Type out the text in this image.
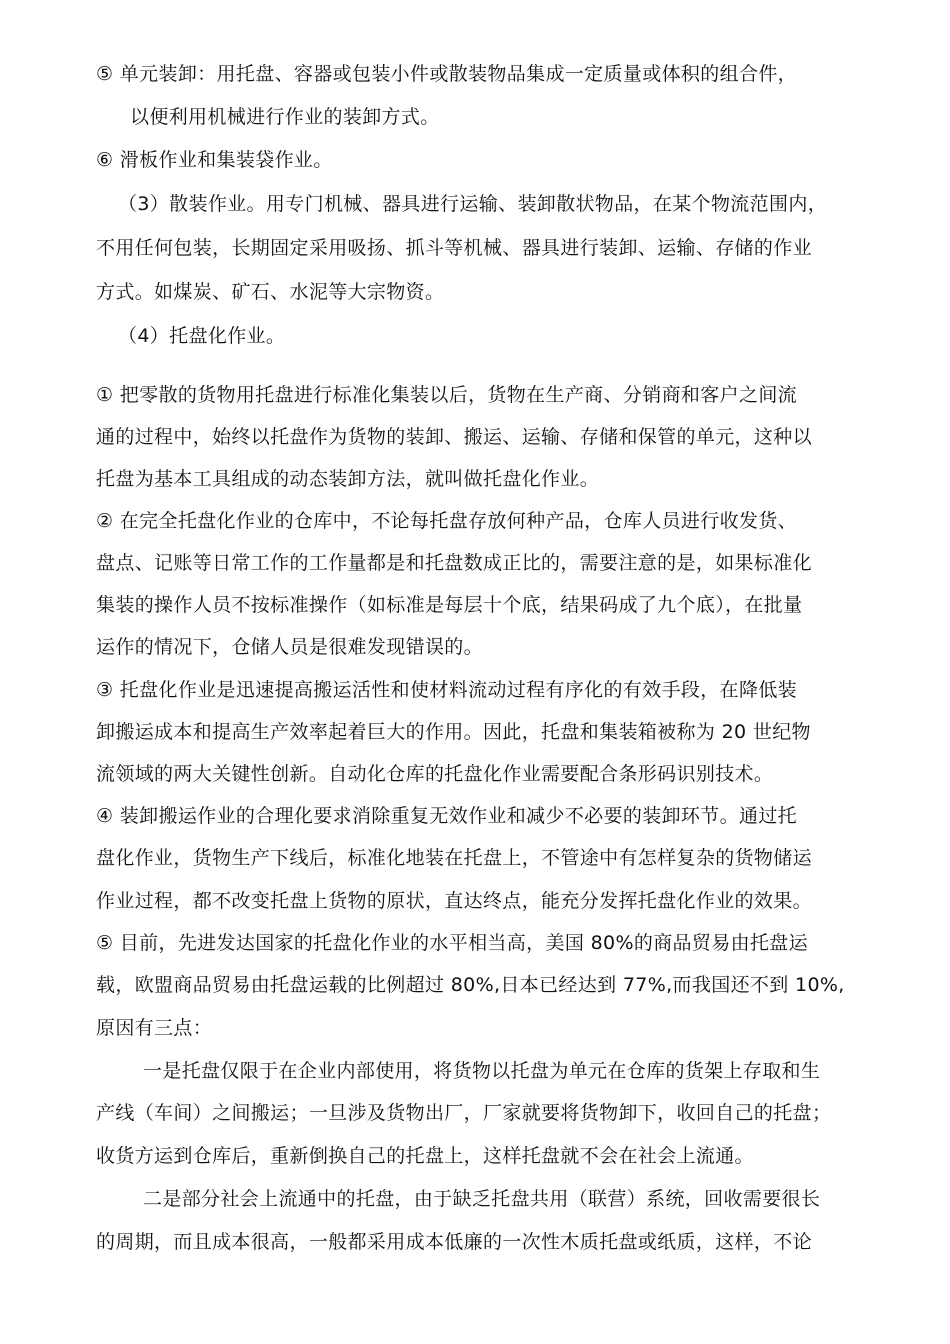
⑤ 单元装卸：用托盘、容器或包装小件或散装物品集成一定质量或体积的组合件，
以便利用机械进行作业的装卸方式。
⑥ 滑板作业和集装袋作业。
（3）散装作业。用专门机械、器具进行运输、装卸散状物品，在某个物流范围内，
不用任何包装，长期固定采用吸扬、抓斗等机械、器具进行装卸、运输、存储的作业
方式。如煤炭、矿石、水泥等大宗物资。
（4）托盘化作业。
① 把零散的货物用托盘进行标准化集装以后，货物在生产商、分销商和客户之间流
通的过程中，始终以托盘作为货物的装卸、搬运、运输、存储和保管的单元，这种以
托盘为基本工具组成的动态装卸方法，就叫做托盘化作业。
② 在完全托盘化作业的仓库中，不论每托盘存放何种产品，仓库人员进行收发货、
盘点、记账等日常工作的工作量都是和托盘数成正比的，需要注意的是，如果标准化
集装的操作人员不按标准操作（如标准是每层十个底，结果码成了九个底），在批量
运作的情况下，仓储人员是很难发现错误的。
③ 托盘化作业是迅速提高搬运活性和使材料流动过程有序化的有效手段，在降低装
卸搬运成本和提高生产效率起着巨大的作用。因此，托盘和集装箱被称为 20 世纪物
流领域的两大关键性创新。自动化仓库的托盘化作业需要配合条形码识别技术。
④ 装卸搬运作业的合理化要求消除重复无效作业和减少不必要的装卸环节。通过托
盘化作业，货物生产下线后，标准化地装在托盘上，不管途中有怎样复杂的货物储运
作业过程，都不改变托盘上货物的原状，直达终点，能充分发挥托盘化作业的效果。
⑤ 目前，先进发达国家的托盘化作业的水平相当高，美国 80%的商品贸易由托盘运
载，欧盟商品贸易由托盘运载的比例超过 80%,日本已经达到 77%,而我国还不到 10%,
原因有三点：
一是托盘仅限于在企业内部使用，将货物以托盘为单元在仓库的货架上存取和生
产线（车间）之间搬运；一旦涉及货物出厂，厂家就要将货物卸下，收回自己的托盘；
收货方运到仓库后，重新倒换自己的托盘上，这样托盘就不会在社会上流通。
二是部分社会上流通中的托盘，由于缺乏托盘共用（联营）系统，回收需要很长
的周期，而且成本很高，一般都采用成本低廉的一次性木质托盘或纸质，这样，不论
